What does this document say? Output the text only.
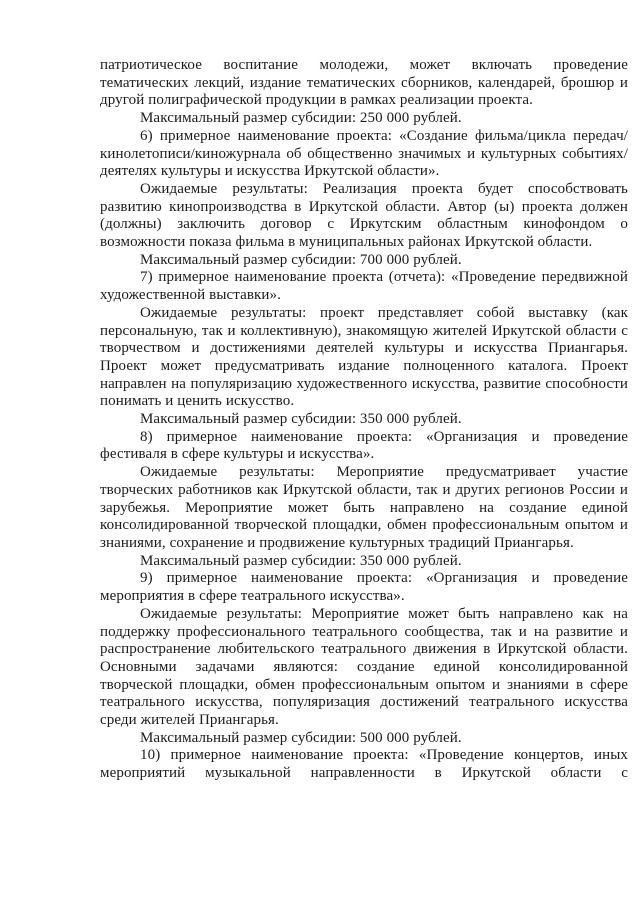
патриотическое воспитание молодежи, может включать проведение тематических лекций, издание тематических сборников, календарей, брошюр и другой полиграфической продукции в рамках реализации проекта.

Максимальный размер субсидии: 250 000 рублей.

6) примерное наименование проекта: «Создание фильма/цикла передач/кинолетописи/киножурнала об общественно значимых и культурных событиях/деятелях культуры и искусства Иркутской области».

Ожидаемые результаты: Реализация проекта будет способствовать развитию кинопроизводства в Иркутской области. Автор (ы) проекта должен (должны) заключить договор с Иркутским областным кинофондом о возможности показа фильма в муниципальных районах Иркутской области.

Максимальный размер субсидии: 700 000 рублей.

7) примерное наименование проекта (отчета): «Проведение передвижной художественной выставки».

Ожидаемые результаты: проект представляет собой выставку (как персональную, так и коллективную), знакомящую жителей Иркутской области с творчеством и достижениями деятелей культуры и искусства Приангарья. Проект может предусматривать издание полноценного каталога. Проект направлен на популяризацию художественного искусства, развитие способности понимать и ценить искусство.

Максимальный размер субсидии: 350 000 рублей.

8) примерное наименование проекта: «Организация и проведение фестиваля в сфере культуры и искусства».

Ожидаемые результаты: Мероприятие предусматривает участие творческих работников как Иркутской области, так и других регионов России и зарубежья. Мероприятие может быть направлено на создание единой консолидированной творческой площадки, обмен профессиональным опытом и знаниями, сохранение и продвижение культурных традиций Приангарья.

Максимальный размер субсидии: 350 000 рублей.

9) примерное наименование проекта: «Организация и проведение мероприятия в сфере театрального искусства».

Ожидаемые результаты: Мероприятие может быть направлено как на поддержку профессионального театрального сообщества, так и на развитие и распространение любительского театрального движения в Иркутской области. Основными задачами являются: создание единой консолидированной творческой площадки, обмен профессиональным опытом и знаниями в сфере театрального искусства, популяризация достижений театрального искусства среди жителей Приангарья.

Максимальный размер субсидии: 500 000 рублей.

10) примерное наименование проекта: «Проведение концертов, иных мероприятий музыкальной направленности в Иркутской области с
